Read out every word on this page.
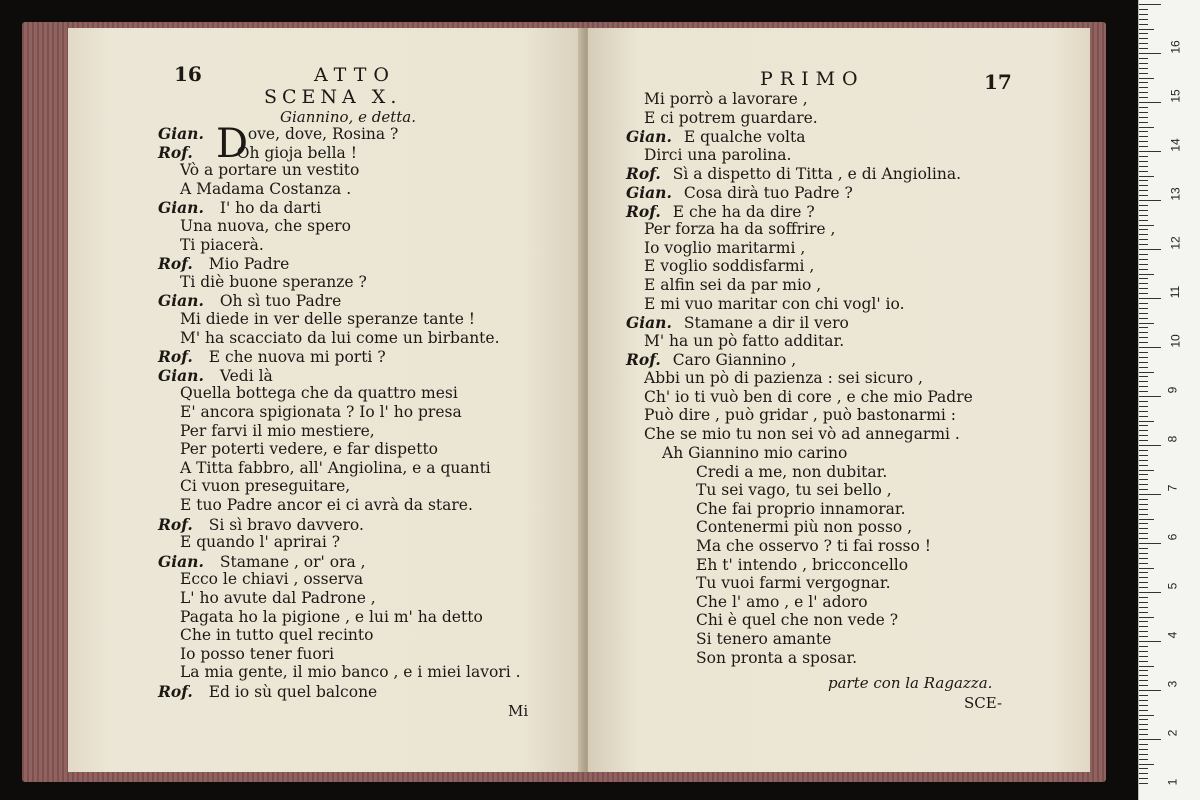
16	ATTO
SCENA X.
Giannino, e detta.
D
Gian.	ove, dove, Rosina ?
Rof.	Oh gioja bella !
Vò a portare un vestito
A Madama Costanza .
Gian. I' ho da darti
Una nuova, che spero
Ti piacerà.
Rof. Mio Padre
Ti diè buone speranze ?
Gian. Oh sì tuo Padre
Mi diede in ver delle speranze tante !
M' ha scacciato da lui come un birbante.
Rof. E che nuova mi porti ?
Gian. Vedi là
Quella bottega che da quattro mesi
E' ancora spigionata ? Io l' ho presa
Per farvi il mio mestiere,
Per poterti vedere, e far dispetto
A Titta fabbro, all' Angiolina, e a quanti
Ci vuon preseguitare,
E tuo Padre ancor ei ci avrà da stare.
Rof. Si sì bravo davvero.
E quando l' aprirai ?
Gian. Stamane , or' ora ,
Ecco le chiavi , osserva
L' ho avute dal Padrone ,
Pagata ho la pigione , e lui m' ha detto
Che in tutto quel recinto
Io posso tener fuori
La mia gente, il mio banco , e i miei lavori .
Rof. Ed io sù quel balcone
Mi
PRIMO	17
Mi porrò a lavorare ,
E ci potrem guardare.
Gian. E qualche volta
Dirci una parolina.
Rof. Sì a dispetto di Titta , e di Angiolina.
Gian. Cosa dirà tuo Padre ?
Rof. E che ha da dire ?
Per forza ha da soffrire ,
Io voglio maritarmi ,
E voglio soddisfarmi ,
E alfin sei da par mio ,
E mi vuo maritar con chi vogl' io.
Gian. Stamane a dir il vero
M' ha un pò fatto additar.
Rof. Caro Giannino ,
Abbi un pò di pazienza : sei sicuro ,
Ch' io ti vuò ben di core , e che mio Padre
Può dire , può gridar , può bastonarmi :
Che se mio tu non sei vò ad annegarmi .
Ah Giannino mio carino
Credi a me, non dubitar.
Tu sei vago, tu sei bello ,
Che fai proprio innamorar.
Contenermi più non posso ,
Ma che osservo ? ti fai rosso !
Eh t' intendo , bricconcello
Tu vuoi farmi vergognar.
Che l' amo , e l' adoro
Chi è quel che non vede ?
Si tenero amante
Son pronta a sposar.
parte con la Ragazza.
SCE-
16
15
14
13
12
11
10
9
8
7
6
5
4
3
2
1
